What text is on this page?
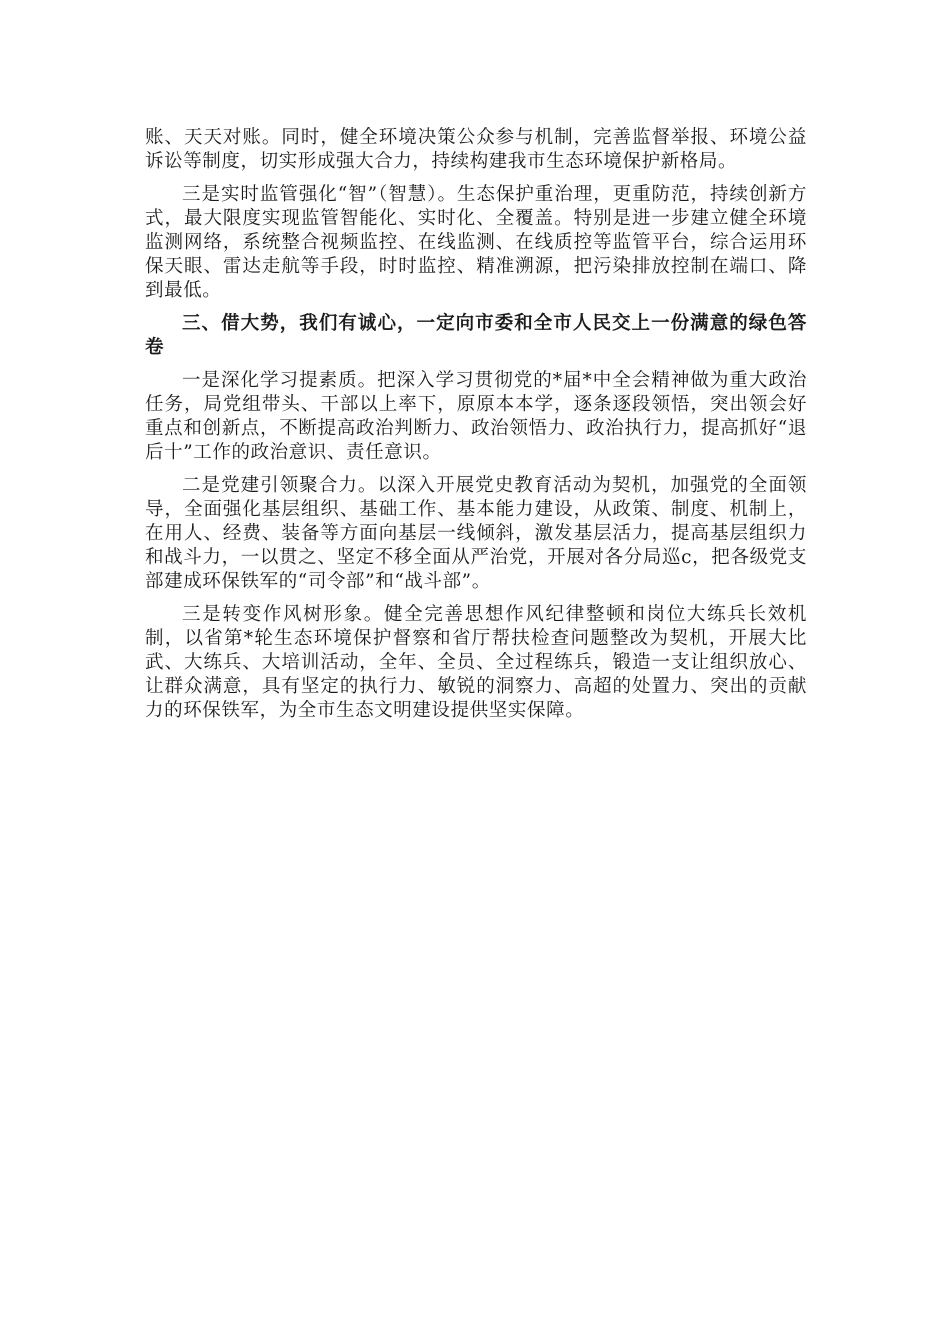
账、天天对账。同时，健全环境决策公众参与机制，完善监督举报、环境公益诉讼等制度，切实形成强大合力，持续构建我市生态环境保护新格局。

三是实时监管强化“智”（智慧）。生态保护重治理，更重防范，持续创新方式，最大限度实现监管智能化、实时化、全覆盖。特别是进一步建立健全环境监测网络，系统整合视频监控、在线监测、在线质控等监管平台，综合运用环保天眼、雷达走航等手段，时时监控、精准溯源，把污染排放控制在端口、降到最低。

三、借大势，我们有诚心，一定向市委和全市人民交上一份满意的绿色答卷

一是深化学习提素质。把深入学习贯彻党的*届*中全会精神做为重大政治任务，局党组带头、干部以上率下，原原本本学，逐条逐段领悟，突出领会好重点和创新点，不断提高政治判断力、政治领悟力、政治执行力，提高抓好“退后十”工作的政治意识、责任意识。

二是党建引领聚合力。以深入开展党史教育活动为契机，加强党的全面领导，全面强化基层组织、基础工作、基本能力建设，从政策、制度、机制上，在用人、经费、装备等方面向基层一线倾斜，激发基层活力，提高基层组织力和战斗力，一以贯之、坚定不移全面从严治党，开展对各分局巡c，把各级党支部建成环保铁军的“司令部”和“战斗部”。

三是转变作风树形象。健全完善思想作风纪律整顿和岗位大练兵长效机制，以省第*轮生态环境保护督察和省厅帮扶检查问题整改为契机，开展大比武、大练兵、大培训活动，全年、全员、全过程练兵，锻造一支让组织放心、让群众满意，具有坚定的执行力、敏锐的洞察力、高超的处置力、突出的贡献力的环保铁军，为全市生态文明建设提供坚实保障。
